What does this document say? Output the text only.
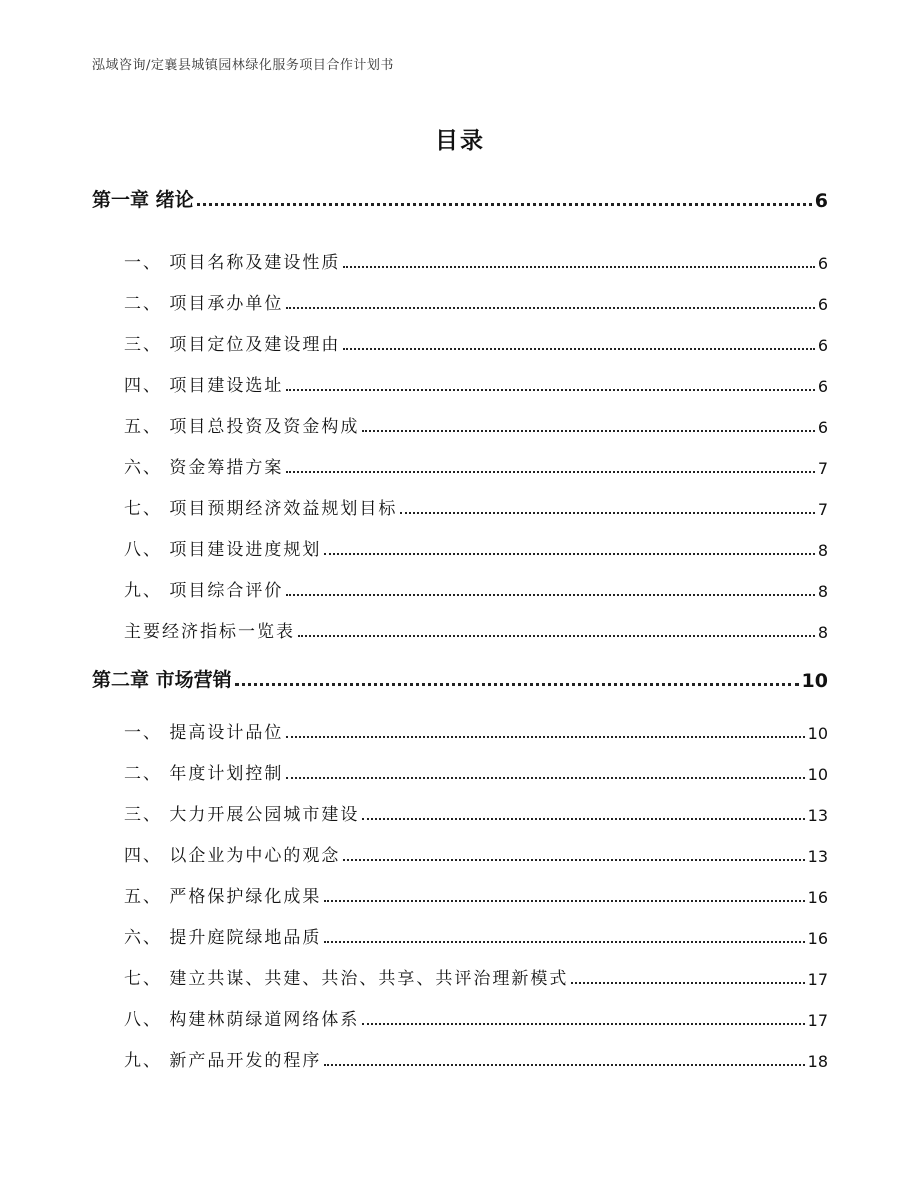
泓域咨询/定襄县城镇园林绿化服务项目合作计划书
目录
第一章 绪论	6
一、 项目名称及建设性质	6
二、 项目承办单位	6
三、 项目定位及建设理由	6
四、 项目建设选址	6
五、 项目总投资及资金构成	6
六、 资金筹措方案	7
七、 项目预期经济效益规划目标	7
八、 项目建设进度规划	8
九、 项目综合评价	8
主要经济指标一览表	8
第二章 市场营销	10
一、 提高设计品位	10
二、 年度计划控制	10
三、 大力开展公园城市建设	13
四、 以企业为中心的观念	13
五、 严格保护绿化成果	16
六、 提升庭院绿地品质	16
七、 建立共谋、共建、共治、共享、共评治理新模式	17
八、 构建林荫绿道网络体系	17
九、 新产品开发的程序	18
